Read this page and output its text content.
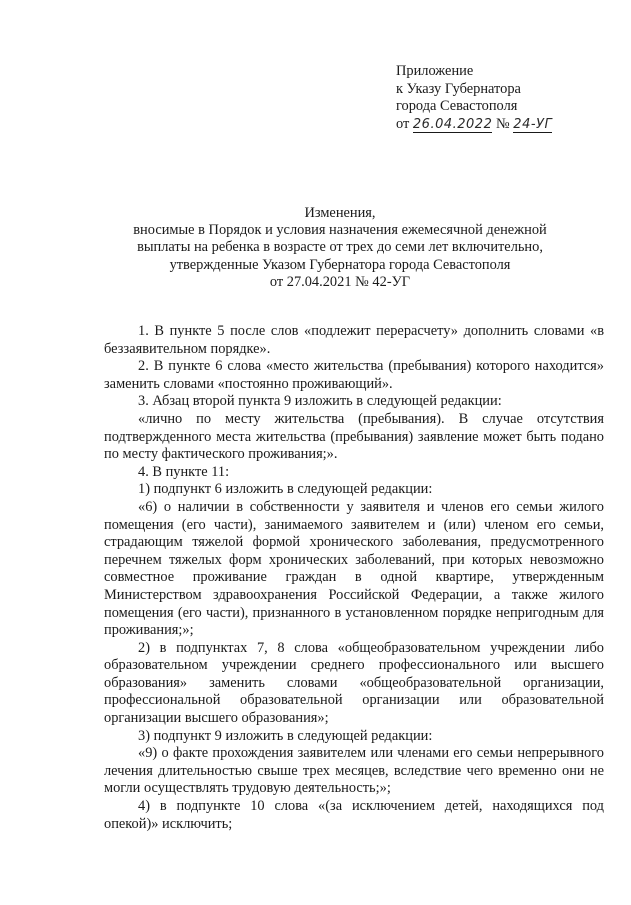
Приложение
к Указу Губернатора
города Севастополя
от 26.04.2022 № 24-УГ
Изменения,
вносимые в Порядок и условия назначения ежемесячной денежной
выплаты на ребенка в возрасте от трех до семи лет включительно,
утвержденные Указом Губернатора города Севастополя
от 27.04.2021 № 42-УГ

1. В пункте 5 после слов «подлежит перерасчету» дополнить словами «в беззаявительном порядке».

2. В пункте 6 слова «место жительства (пребывания) которого находится» заменить словами «постоянно проживающий».

3. Абзац второй пункта 9 изложить в следующей редакции:

«лично по месту жительства (пребывания). В случае отсутствия подтвержденного места жительства (пребывания) заявление может быть подано по месту фактического проживания;».

4. В пункте 11:

1) подпункт 6 изложить в следующей редакции:

«6) о наличии в собственности у заявителя и членов его семьи жилого помещения (его части), занимаемого заявителем и (или) членом его семьи, страдающим тяжелой формой хронического заболевания, предусмотренного перечнем тяжелых форм хронических заболеваний, при которых невозможно совместное проживание граждан в одной квартире, утвержденным Министерством здравоохранения Российской Федерации, а также жилого помещения (его части), признанного в установленном порядке непригодным для проживания;»;

2) в подпунктах 7, 8 слова «общеобразовательном учреждении либо образовательном учреждении среднего профессионального или высшего образования» заменить словами «общеобразовательной организации, профессиональной образовательной организации или образовательной организации высшего образования»;

3) подпункт 9 изложить в следующей редакции:

«9) о факте прохождения заявителем или членами его семьи непрерывного лечения длительностью свыше трех месяцев, вследствие чего временно они не могли осуществлять трудовую деятельность;»;

4) в подпункте 10 слова «(за исключением детей, находящихся под опекой)» исключить;
